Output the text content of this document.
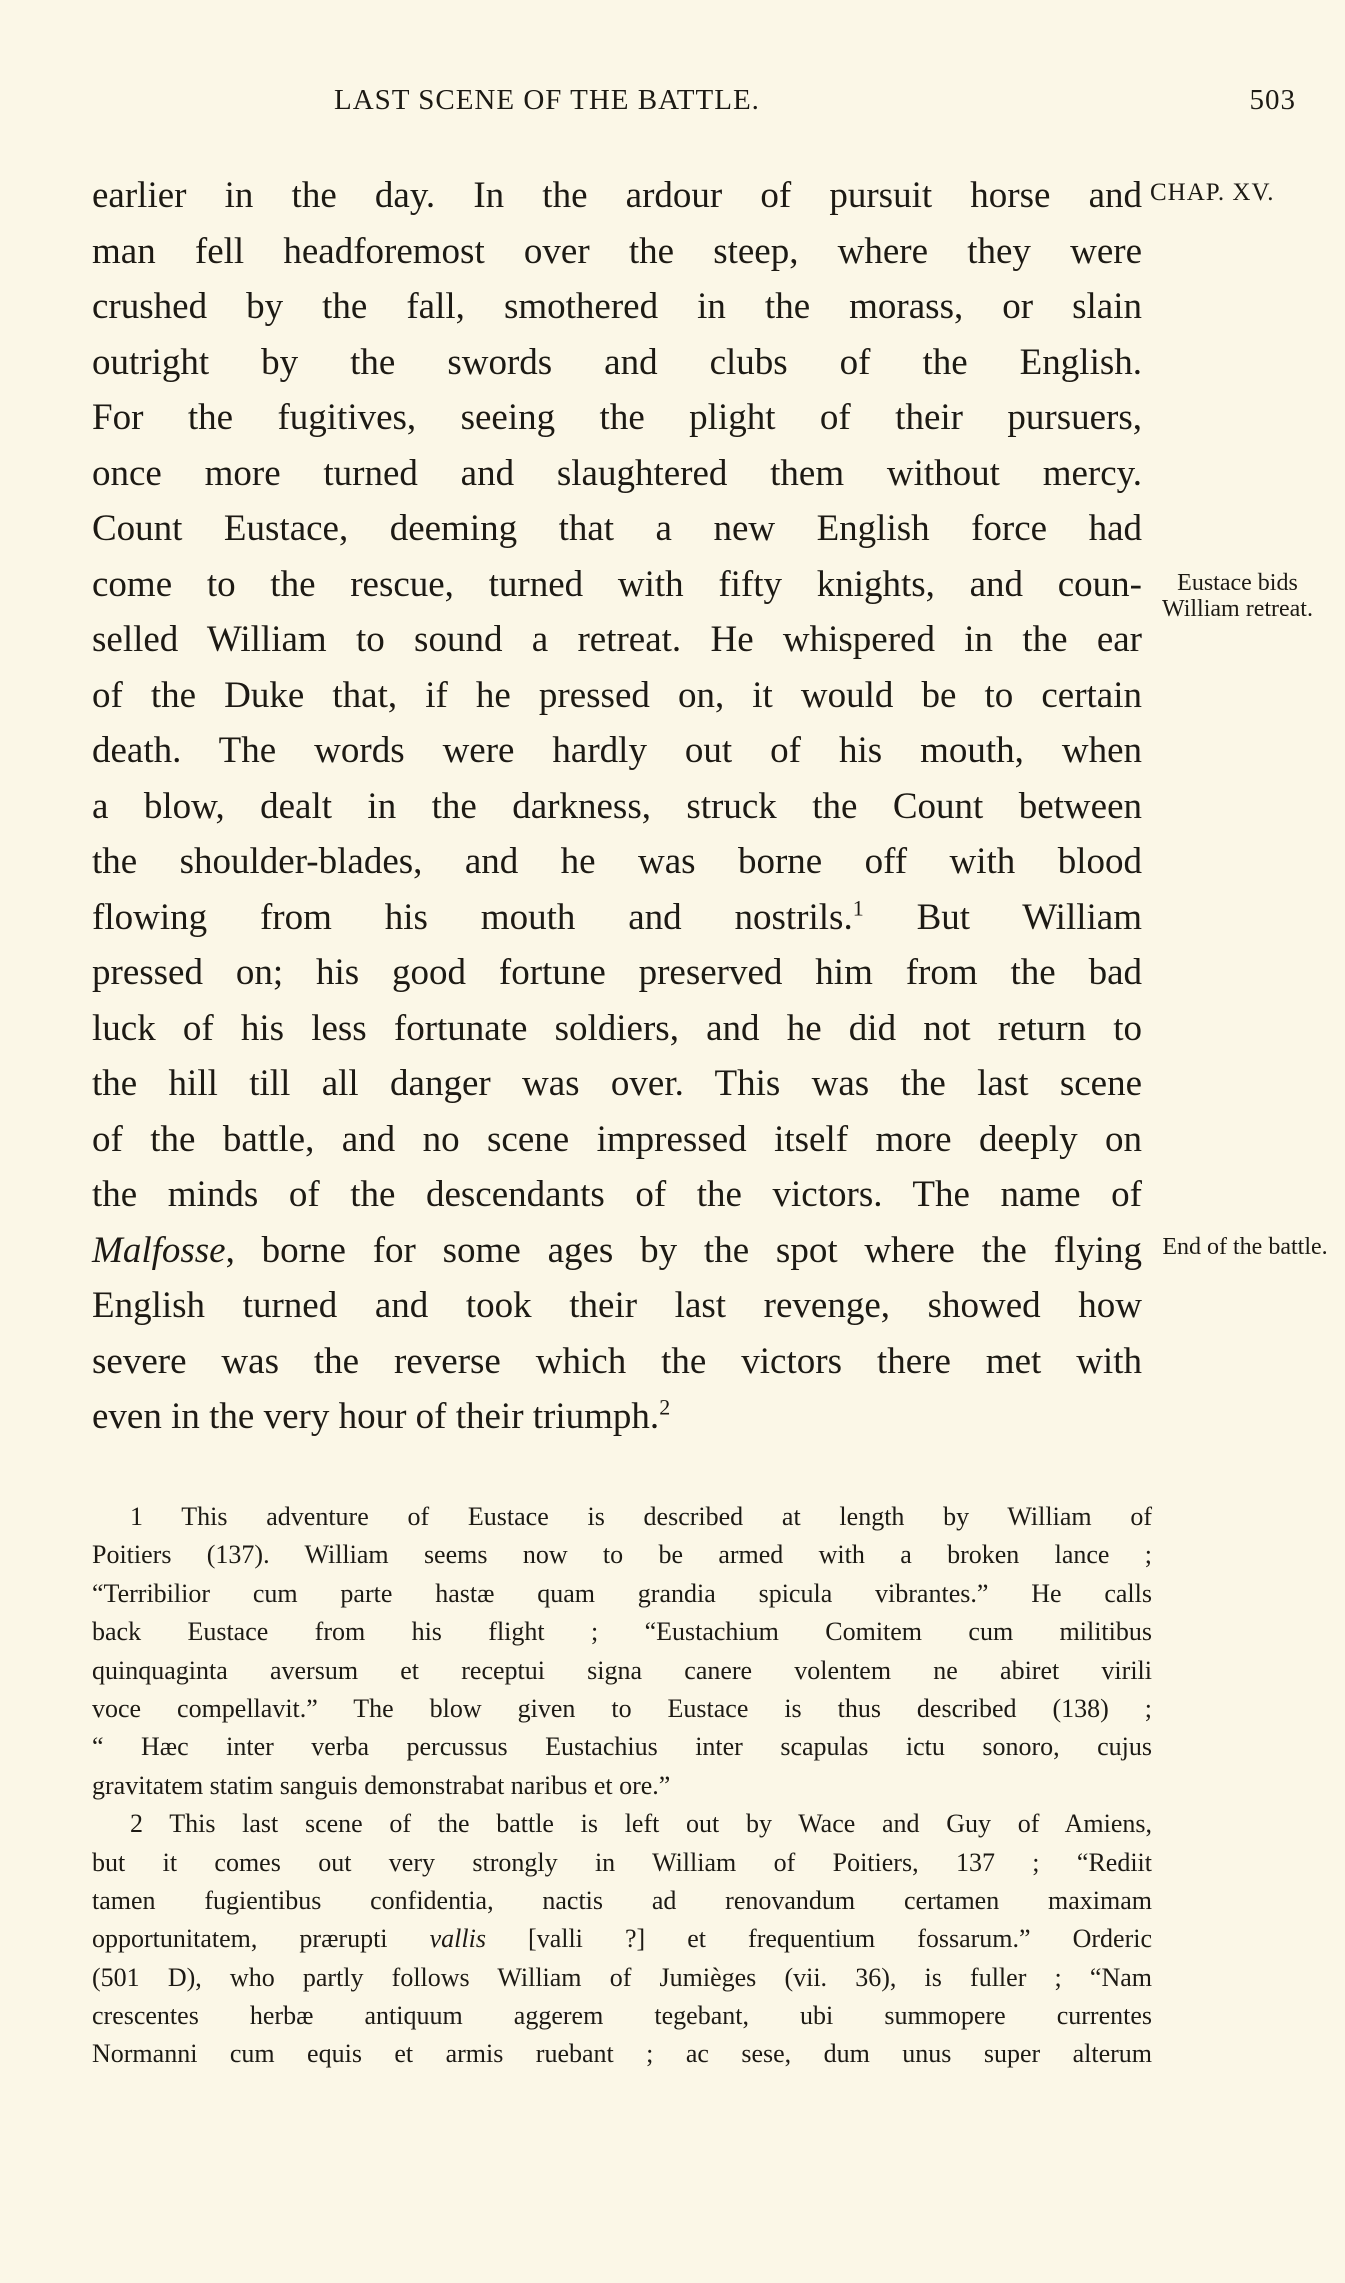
LAST SCENE OF THE BATTLE.	503
earlier in the day. In the ardour of pursuit horse and
man fell headforemost over the steep, where they were
crushed by the fall, smothered in the morass, or slain
outright by the swords and clubs of the English.
For the fugitives, seeing the plight of their pursuers,
once more turned and slaughtered them without mercy.
Count Eustace, deeming that a new English force had
come to the rescue, turned with fifty knights, and coun-
selled William to sound a retreat. He whispered in the ear
of the Duke that, if he pressed on, it would be to certain
death. The words were hardly out of his mouth, when
a blow, dealt in the darkness, struck the Count between
the shoulder-blades, and he was borne off with blood
flowing from his mouth and nostrils.$^1$ But William
pressed on; his good fortune preserved him from the bad
luck of his less fortunate soldiers, and he did not return to
the hill till all danger was over. This was the last scene
of the battle, and no scene impressed itself more deeply on
the minds of the descendants of the victors. The name of
Malfosse, borne for some ages by the spot where the flying
English turned and took their last revenge, showed how
severe was the reverse which the victors there met with
even in the very hour of their triumph.$^2$
CHAP. XV.
Eustace bids William retreat.
End of the battle.
1 This adventure of Eustace is described at length by William of
Poitiers (137). William seems now to be armed with a broken lance ;
“Terribilior cum parte hastæ quam grandia spicula vibrantes.” He calls
back Eustace from his flight ; “Eustachium Comitem cum militibus
quinquaginta aversum et receptui signa canere volentem ne abiret virili
voce compellavit.” The blow given to Eustace is thus described (138) ;
“ Hæc inter verba percussus Eustachius inter scapulas ictu sonoro, cujus
gravitatem statim sanguis demonstrabat naribus et ore.”
2 This last scene of the battle is left out by Wace and Guy of Amiens,
but it comes out very strongly in William of Poitiers, 137 ; “Rediit
tamen fugientibus confidentia, nactis ad renovandum certamen maximam
opportunitatem, prærupti vallis [valli ?] et frequentium fossarum.” Orderic
(501 D), who partly follows William of Jumièges (vii. 36), is fuller ; “Nam
crescentes herbæ antiquum aggerem tegebant, ubi summopere currentes
Normanni cum equis et armis ruebant ; ac sese, dum unus super alterum
